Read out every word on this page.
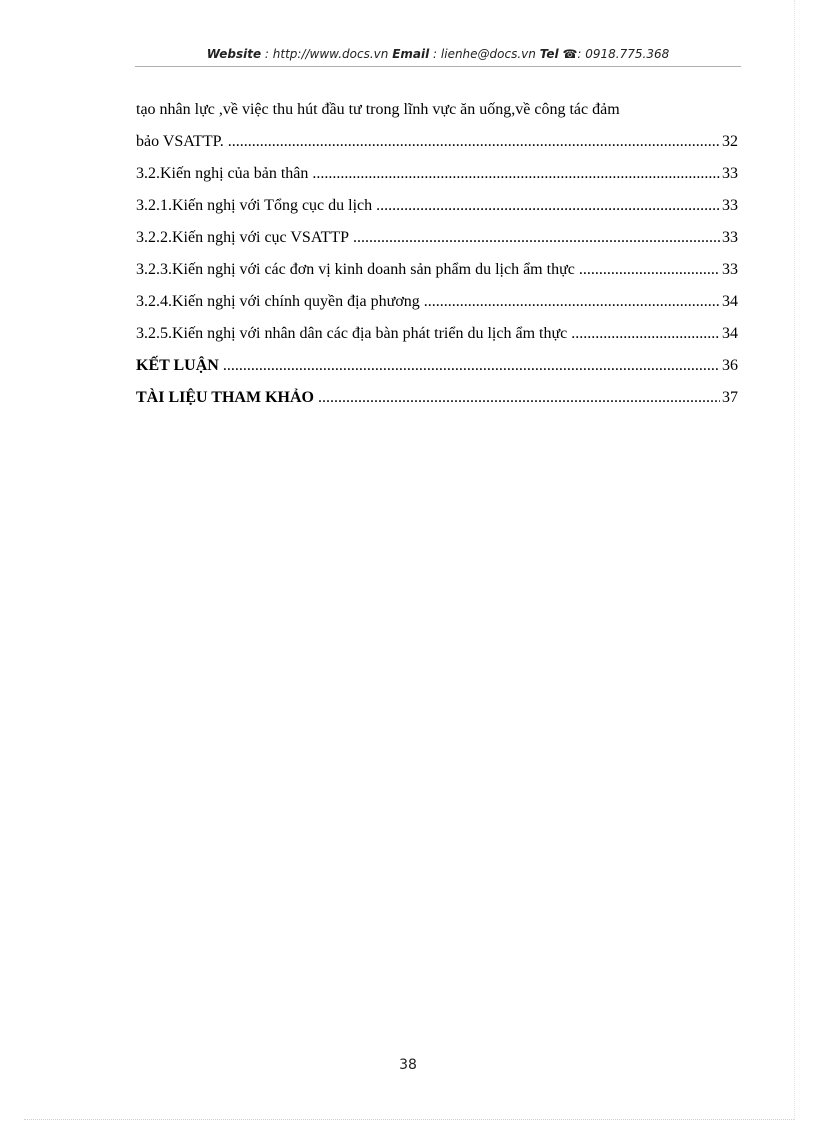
Website : http://www.docs.vn Email : lienhe@docs.vn Tel ☎: 0918.775.368
tạo nhân lực ,về việc thu hút đầu tư trong lĩnh vực ăn uống,về công tác đảm
bảo VSATTP. .....	32
3.2.Kiến nghị của bản thân .....	33
3.2.1.Kiến nghị với Tổng cục du lịch .....	33
3.2.2.Kiến nghị với cục VSATTP .....	33
3.2.3.Kiến nghị với các đơn vị kinh doanh sản phẩm du lịch ẩm thực .....	33
3.2.4.Kiến nghị với chính quyền địa phương .....	34
3.2.5.Kiến nghị với nhân dân các địa bàn phát triển du lịch ẩm thực .....	34
KẾT LUẬN .....	36
TÀI LIỆU THAM KHẢO .....	37
38
